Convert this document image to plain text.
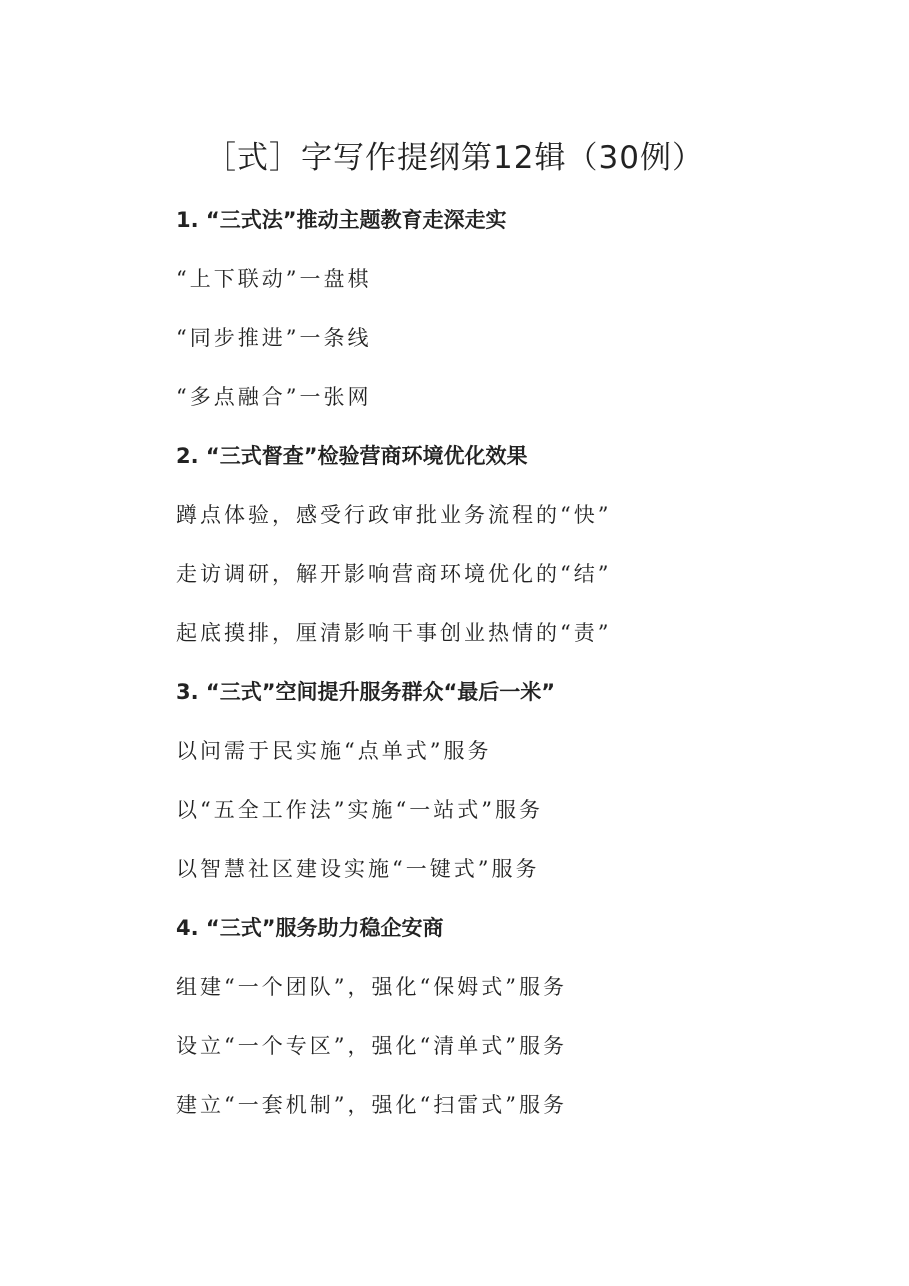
［式］字写作提纲第12辑（30例）
1. “三式法”推动主题教育走深走实
“上下联动”一盘棋
“同步推进”一条线
“多点融合”一张网
2. “三式督查”检验营商环境优化效果
蹲点体验，感受行政审批业务流程的“快”
走访调研，解开影响营商环境优化的“结”
起底摸排，厘清影响干事创业热情的“责”
3. “三式”空间提升服务群众“最后一米”
以问需于民实施“点单式”服务
以“五全工作法”实施“一站式”服务
以智慧社区建设实施“一键式”服务
4. “三式”服务助力稳企安商
组建“一个团队”，强化“保姆式”服务
设立“一个专区”，强化“清单式”服务
建立“一套机制”，强化“扫雷式”服务
